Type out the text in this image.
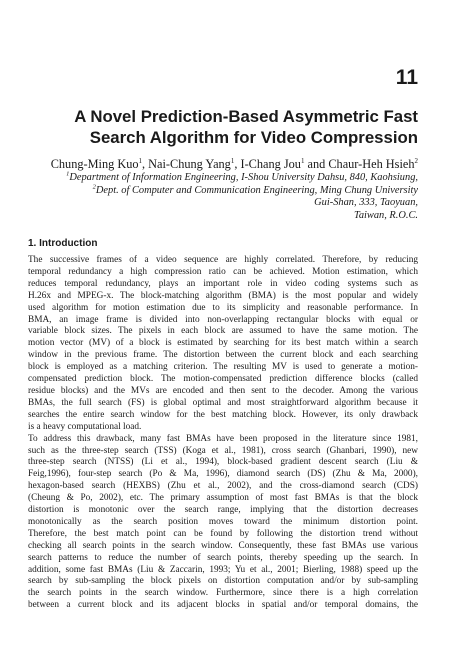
11
A Novel Prediction-Based Asymmetric Fast
Search Algorithm for Video Compression
Chung-Ming Kuo$^1$, Nai-Chung Yang$^1$, I-Chang Jou$^1$ and Chaur-Heh Hsieh$^2$
$^1$Department of Information Engineering, I-Shou University Dahsu, 840, Kaohsiung,
$^2$Dept. of Computer and Communication Engineering, Ming Chung University
Gui-Shan, 333, Taoyuan,
Taiwan, R.O.C.
1. Introduction
The successive frames of a video sequence are highly correlated. Therefore, by reducing
temporal redundancy a high compression ratio can be achieved. Motion estimation, which
reduces temporal redundancy, plays an important role in video coding systems such as
H.26x and MPEG-x. The block-matching algorithm (BMA) is the most popular and widely
used algorithm for motion estimation due to its simplicity and reasonable performance. In
BMA, an image frame is divided into non-overlapping rectangular blocks with equal or
variable block sizes. The pixels in each block are assumed to have the same motion. The
motion vector (MV) of a block is estimated by searching for its best match within a search
window in the previous frame. The distortion between the current block and each searching
block is employed as a matching criterion. The resulting MV is used to generate a motion-
compensated prediction block. The motion-compensated prediction difference blocks (called
residue blocks) and the MVs are encoded and then sent to the decoder. Among the various
BMAs, the full search (FS) is global optimal and most straightforward algorithm because it
searches the entire search window for the best matching block. However, its only drawback
is a heavy computational load.
To address this drawback, many fast BMAs have been proposed in the literature since 1981,
such as the three-step search (TSS) (Koga et al., 1981), cross search (Ghanbari, 1990), new
three-step search (NTSS) (Li et al., 1994), block-based gradient descent search (Liu &
Feig,1996), four-step search (Po & Ma, 1996), diamond search (DS) (Zhu & Ma, 2000),
hexagon-based search (HEXBS) (Zhu et al., 2002), and the cross-diamond search (CDS)
(Cheung & Po, 2002), etc. The primary assumption of most fast BMAs is that the block
distortion is monotonic over the search range, implying that the distortion decreases
monotonically as the search position moves toward the minimum distortion point.
Therefore, the best match point can be found by following the distortion trend without
checking all search points in the search window. Consequently, these fast BMAs use various
search patterns to reduce the number of search points, thereby speeding up the search. In
addition, some fast BMAs (Liu & Zaccarin, 1993; Yu et al., 2001; Bierling, 1988) speed up the
search by sub-sampling the block pixels on distortion computation and/or by sub-sampling
the search points in the search window. Furthermore, since there is a high correlation
between a current block and its adjacent blocks in spatial and/or temporal domains, the
